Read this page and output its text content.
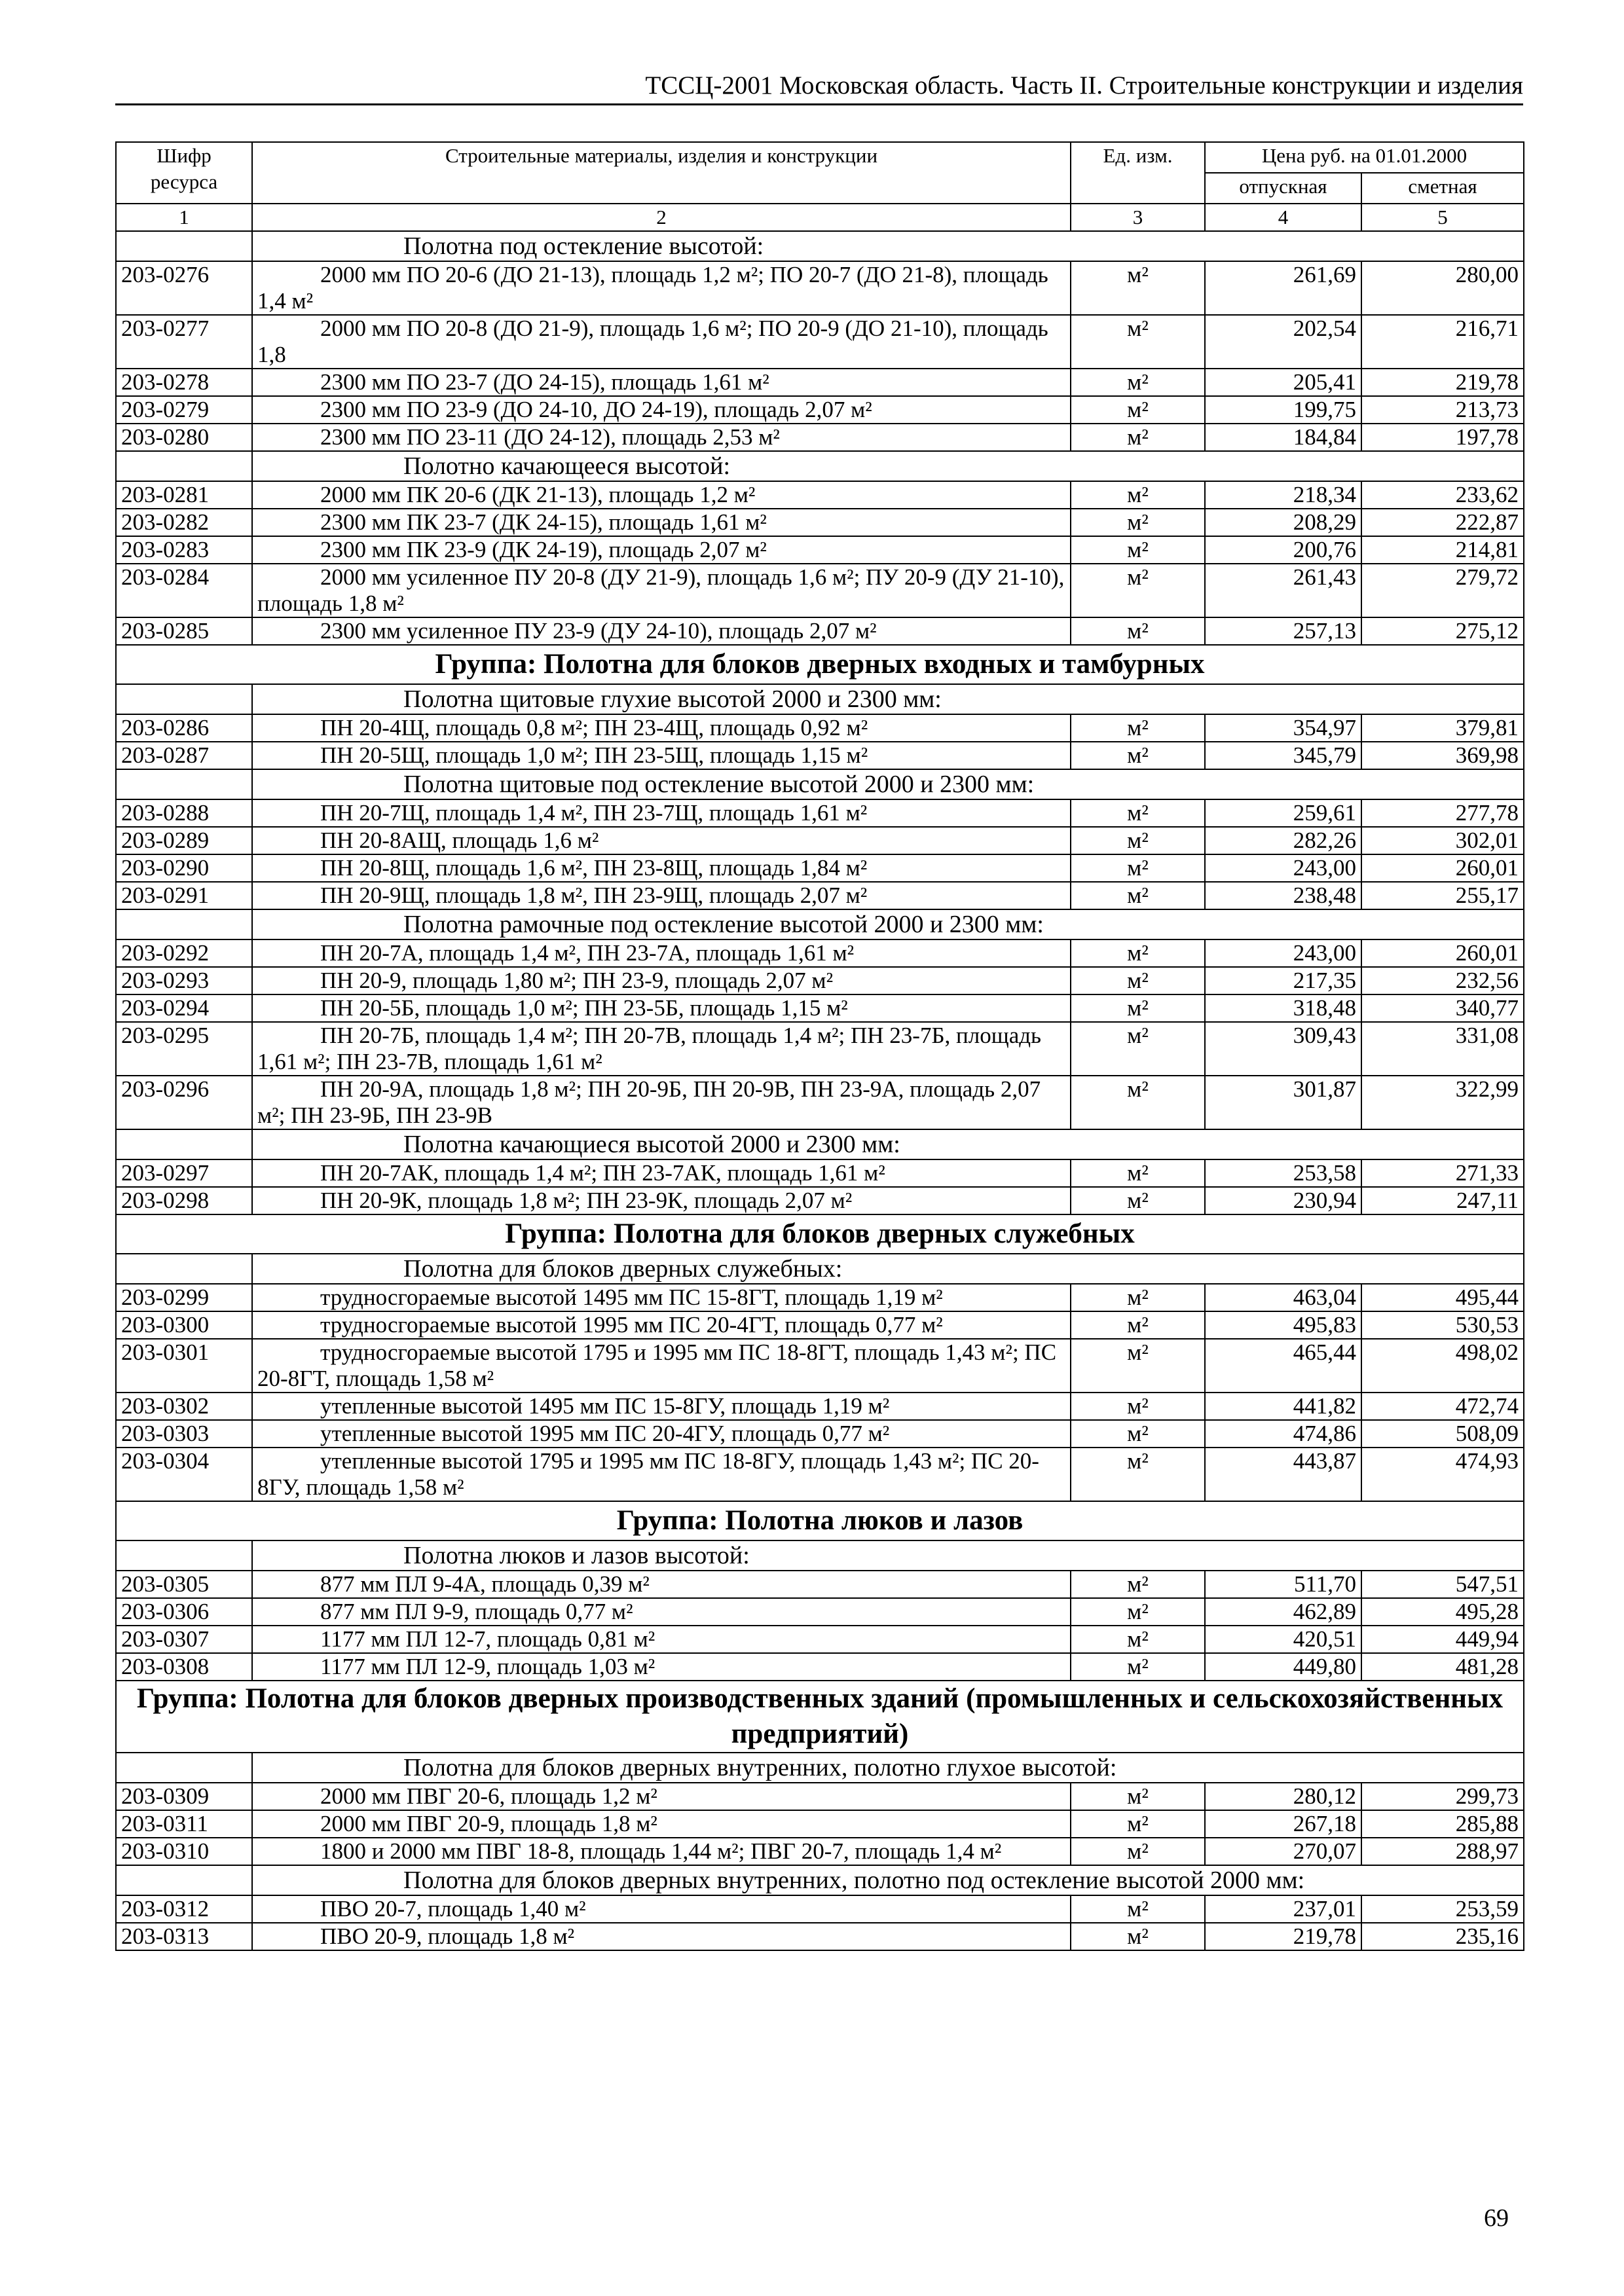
ТССЦ-2001 Московская область. Часть II. Строительные конструкции и изделия
Шифр ресурса	Строительные материалы, изделия и конструкции	Ед. изм.	Цена руб. на 01.01.2000	
			отпускная	сметная
1	2	3	4	5
	Полотна под остекление высотой:			
203-0276	2000 мм ПО 20-6 (ДО 21-13), площадь 1,2 м²; ПО 20-7 (ДО 21-8), площадь 1,4 м²	м²	261,69	280,00
203-0277	2000 мм ПО 20-8 (ДО 21-9), площадь 1,6 м²; ПО 20-9 (ДО 21-10), площадь 1,8	м²	202,54	216,71
203-0278	2300 мм ПО 23-7 (ДО 24-15), площадь 1,61 м²	м²	205,41	219,78
203-0279	2300 мм ПО 23-9 (ДО 24-10, ДО 24-19), площадь 2,07 м²	м²	199,75	213,73
203-0280	2300 мм ПО 23-11 (ДО 24-12), площадь 2,53 м²	м²	184,84	197,78
	Полотно качающееся высотой:			
203-0281	2000 мм ПК 20-6 (ДК 21-13), площадь 1,2 м²	м²	218,34	233,62
203-0282	2300 мм ПК 23-7 (ДК 24-15), площадь 1,61 м²	м²	208,29	222,87
203-0283	2300 мм ПК 23-9 (ДК 24-19), площадь 2,07 м²	м²	200,76	214,81
203-0284	2000 мм усиленное ПУ 20-8 (ДУ 21-9), площадь 1,6 м²; ПУ 20-9 (ДУ 21-10), площадь 1,8 м²	м²	261,43	279,72
203-0285	2300 мм усиленное ПУ 23-9 (ДУ 24-10), площадь 2,07 м²	м²	257,13	275,12
Группа: Полотна для блоков дверных входных и тамбурных				
	Полотна щитовые глухие высотой 2000 и 2300 мм:			
203-0286	ПН 20-4Щ, площадь 0,8 м²; ПН 23-4Щ, площадь 0,92 м²	м²	354,97	379,81
203-0287	ПН 20-5Щ, площадь 1,0 м²; ПН 23-5Щ, площадь 1,15 м²	м²	345,79	369,98
	Полотна щитовые под остекление высотой 2000 и 2300 мм:			
203-0288	ПН 20-7Щ, площадь 1,4 м², ПН 23-7Щ, площадь 1,61 м²	м²	259,61	277,78
203-0289	ПН 20-8АЩ, площадь 1,6 м²	м²	282,26	302,01
203-0290	ПН 20-8Щ, площадь 1,6 м², ПН 23-8Щ, площадь 1,84 м²	м²	243,00	260,01
203-0291	ПН 20-9Щ, площадь 1,8 м², ПН 23-9Щ, площадь 2,07 м²	м²	238,48	255,17
	Полотна рамочные под остекление высотой 2000 и 2300 мм:			
203-0292	ПН 20-7А, площадь 1,4 м², ПН 23-7А, площадь 1,61 м²	м²	243,00	260,01
203-0293	ПН 20-9, площадь 1,80 м²; ПН 23-9, площадь 2,07 м²	м²	217,35	232,56
203-0294	ПН 20-5Б, площадь 1,0 м²; ПН 23-5Б, площадь 1,15 м²	м²	318,48	340,77
203-0295	ПН 20-7Б, площадь 1,4 м²; ПН 20-7В, площадь 1,4 м²; ПН 23-7Б, площадь 1,61 м²; ПН 23-7В, площадь 1,61 м²	м²	309,43	331,08
203-0296	ПН 20-9А, площадь 1,8 м²; ПН 20-9Б, ПН 20-9В, ПН 23-9А, площадь 2,07 м²; ПН 23-9Б, ПН 23-9В	м²	301,87	322,99
	Полотна качающиеся высотой 2000 и 2300 мм:			
203-0297	ПН 20-7АК, площадь 1,4 м²; ПН 23-7АК, площадь 1,61 м²	м²	253,58	271,33
203-0298	ПН 20-9К, площадь 1,8 м²; ПН 23-9К, площадь 2,07 м²	м²	230,94	247,11
Группа: Полотна для блоков дверных служебных				
	Полотна для блоков дверных служебных:			
203-0299	трудносгораемые высотой 1495 мм ПС 15-8ГТ, площадь 1,19 м²	м²	463,04	495,44
203-0300	трудносгораемые высотой 1995 мм ПС 20-4ГТ, площадь 0,77 м²	м²	495,83	530,53
203-0301	трудносгораемые высотой 1795 и 1995 мм ПС 18-8ГТ, площадь 1,43 м²; ПС 20-8ГТ, площадь 1,58 м²	м²	465,44	498,02
203-0302	утепленные высотой 1495 мм ПС 15-8ГУ, площадь 1,19 м²	м²	441,82	472,74
203-0303	утепленные высотой 1995 мм ПС 20-4ГУ, площадь 0,77 м²	м²	474,86	508,09
203-0304	утепленные высотой 1795 и 1995 мм ПС 18-8ГУ, площадь 1,43 м²; ПС 20-8ГУ, площадь 1,58 м²	м²	443,87	474,93
Группа: Полотна люков и лазов				
	Полотна люков и лазов высотой:			
203-0305	877 мм ПЛ 9-4А, площадь 0,39 м²	м²	511,70	547,51
203-0306	877 мм ПЛ 9-9, площадь 0,77 м²	м²	462,89	495,28
203-0307	1177 мм ПЛ 12-7, площадь 0,81 м²	м²	420,51	449,94
203-0308	1177 мм ПЛ 12-9, площадь 1,03 м²	м²	449,80	481,28
Группа: Полотна для блоков дверных производственных зданий (промышленных и сельскохозяйственных предприятий)				
	Полотна для блоков дверных внутренних, полотно глухое высотой:			
203-0309	2000 мм ПВГ 20-6, площадь 1,2 м²	м²	280,12	299,73
203-0311	2000 мм ПВГ 20-9, площадь 1,8 м²	м²	267,18	285,88
203-0310	1800 и 2000 мм ПВГ 18-8, площадь 1,44 м²; ПВГ 20-7, площадь 1,4 м²	м²	270,07	288,97
	Полотна для блоков дверных внутренних, полотно под остекление высотой 2000 мм:			
203-0312	ПВО 20-7, площадь 1,40 м²	м²	237,01	253,59
203-0313	ПВО 20-9, площадь 1,8 м²	м²	219,78	235,16
69
